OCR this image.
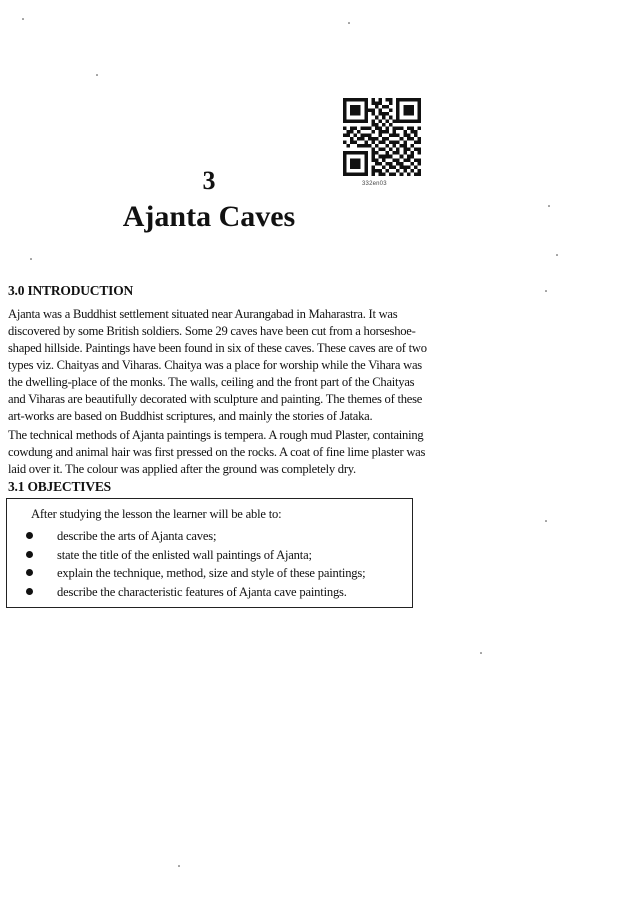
332en03
3
Ajanta Caves
3.0 INTRODUCTION

Ajanta was a Buddhist settlement situated near Aurangabad in Maharastra. It was
discovered by some British soldiers. Some 29 caves have been cut from a horseshoe-
shaped hillside. Paintings have been found in six of these caves. These caves are of two
types viz. Chaityas and Viharas. Chaitya was a place for worship while the Vihara was
the dwelling-place of the monks. The walls, ceiling and the front part of the Chaityas
and Viharas are beautifully decorated with sculpture and painting. The themes of these
art-works are based on Buddhist scriptures, and mainly the stories of Jataka.

The technical methods of Ajanta paintings is tempera. A rough mud Plaster, containing
cowdung and animal hair was first pressed on the rocks. A coat of fine lime plaster was
laid over it. The colour was applied after the ground was completely dry.

3.1 OBJECTIVES
After studying the lesson the learner will be able to:
describe the arts of Ajanta caves;
state the title of the enlisted wall paintings of Ajanta;
explain the technique, method, size and style of these paintings;
describe the characteristic features of Ajanta cave paintings.
